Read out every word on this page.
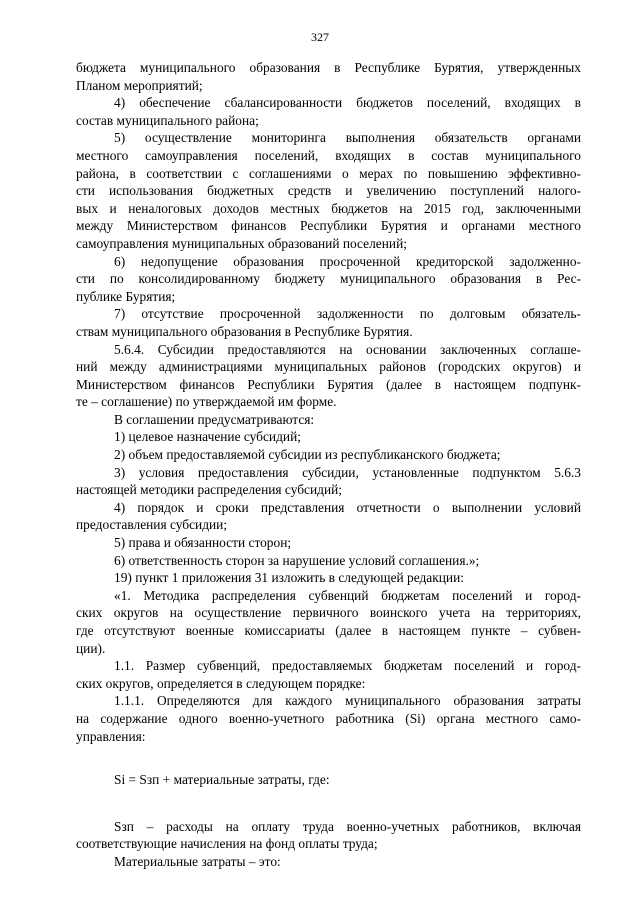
327
бюджета муниципального образования в Республике Бурятия, утвержденных
Планом мероприятий;
4) обеспечение сбалансированности бюджетов поселений, входящих в
состав муниципального района;
5) осуществление мониторинга выполнения обязательств органами
местного самоуправления поселений, входящих в состав муниципального
района, в соответствии с соглашениями о мерах по повышению эффективно-
сти использования бюджетных средств и увеличению поступлений налого-
вых и неналоговых доходов местных бюджетов на 2015 год, заключенными
между Министерством финансов Республики Бурятия и органами местного
самоуправления муниципальных образований поселений;
6) недопущение образования просроченной кредиторской задолженно-
сти по консолидированному бюджету муниципального образования в Рес-
публике Бурятия;
7) отсутствие просроченной задолженности по долговым обязатель-
ствам муниципального образования в Республике Бурятия.
5.6.4. Субсидии предоставляются на основании заключенных соглаше-
ний между администрациями муниципальных районов (городских округов) и
Министерством финансов Республики Бурятия (далее в настоящем подпунк-
те – соглашение) по утверждаемой им форме.
В соглашении предусматриваются:
1) целевое назначение субсидий;
2) объем предоставляемой субсидии из республиканского бюджета;
3) условия предоставления субсидии, установленные подпунктом 5.6.3
настоящей методики распределения субсидий;
4) порядок и сроки представления отчетности о выполнении условий
предоставления субсидии;
5) права и обязанности сторон;
6) ответственность сторон за нарушение условий соглашения.»;
19) пункт 1 приложения 31 изложить в следующей редакции:
«1. Методика распределения субвенций бюджетам поселений и город-
ских округов на осуществление первичного воинского учета на территориях,
где отсутствуют военные комиссариаты (далее в настоящем пункте – субвен-
ции).
1.1. Размер субвенций, предоставляемых бюджетам поселений и город-
ских округов, определяется в следующем порядке:
1.1.1. Определяются для каждого муниципального образования затраты
на содержание одного военно-учетного работника (Si) органа местного само-
управления:
Si = Sзп + материальные затраты, где:
Sзп – расходы на оплату труда военно-учетных работников, включая
соответствующие начисления на фонд оплаты труда;
Материальные затраты – это:
